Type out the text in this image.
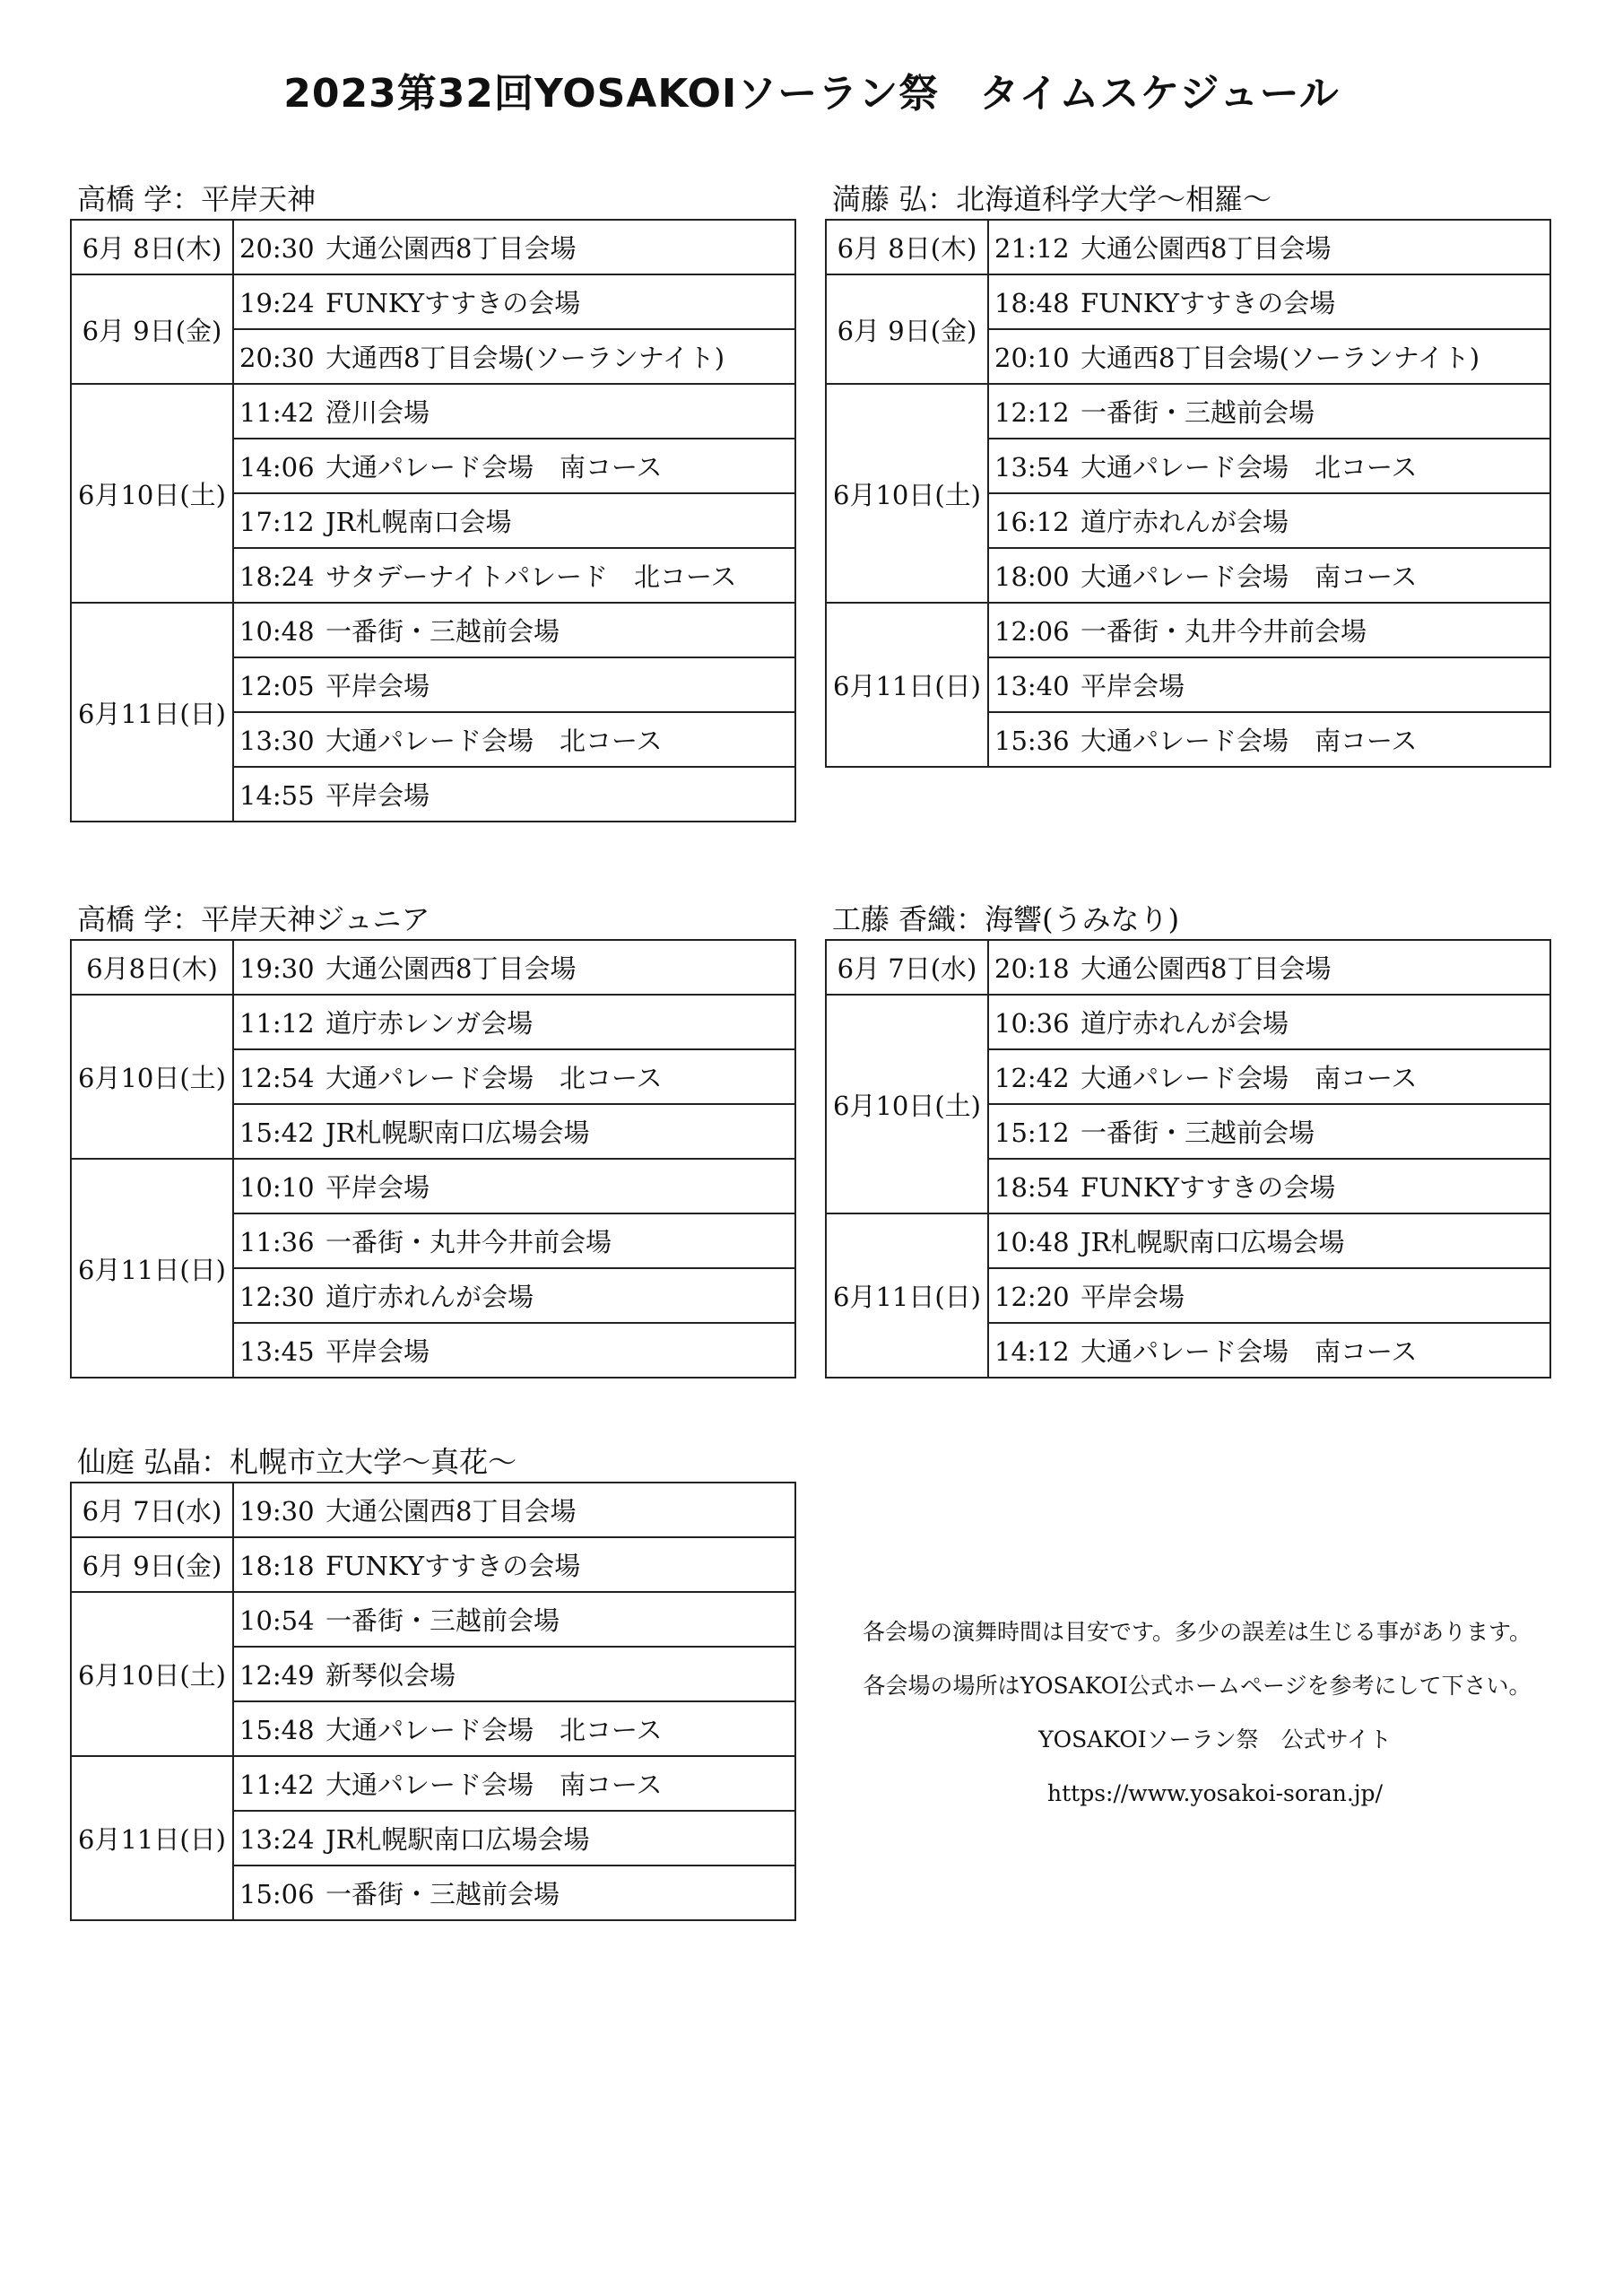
2023第32回YOSAKOIソーラン祭　タイムスケジュール
高橋 学：平岸天神
6月 8日(木)	20:30 大通公園西8丁目会場
6月 9日(金)	19:24 FUNKYすすきの会場
	20:30 大通西8丁目会場(ソーランナイト)
6月10日(土)	11:42 澄川会場
	14:06 大通パレード会場　南コース
	17:12 JR札幌南口会場
	18:24 サタデーナイトパレード　北コース
6月11日(日)	10:48 一番街・三越前会場
	12:05 平岸会場
	13:30 大通パレード会場　北コース
	14:55 平岸会場
満藤 弘：北海道科学大学～相羅～
6月 8日(木)	21:12 大通公園西8丁目会場
6月 9日(金)	18:48 FUNKYすすきの会場
	20:10 大通西8丁目会場(ソーランナイト)
6月10日(土)	12:12 一番街・三越前会場
	13:54 大通パレード会場　北コース
	16:12 道庁赤れんが会場
	18:00 大通パレード会場　南コース
6月11日(日)	12:06 一番街・丸井今井前会場
	13:40 平岸会場
	15:36 大通パレード会場　南コース
高橋 学：平岸天神ジュニア
6月8日(木)	19:30 大通公園西8丁目会場
6月10日(土)	11:12 道庁赤レンガ会場
	12:54 大通パレード会場　北コース
	15:42 JR札幌駅南口広場会場
6月11日(日)	10:10 平岸会場
	11:36 一番街・丸井今井前会場
	12:30 道庁赤れんが会場
	13:45 平岸会場
工藤 香織：海響(うみなり)
6月 7日(水)	20:18 大通公園西8丁目会場
6月10日(土)	10:36 道庁赤れんが会場
	12:42 大通パレード会場　南コース
	15:12 一番街・三越前会場
	18:54 FUNKYすすきの会場
6月11日(日)	10:48 JR札幌駅南口広場会場
	12:20 平岸会場
	14:12 大通パレード会場　南コース
仙庭 弘晶：札幌市立大学～真花～
6月 7日(水)	19:30 大通公園西8丁目会場
6月 9日(金)	18:18 FUNKYすすきの会場
6月10日(土)	10:54 一番街・三越前会場
	12:49 新琴似会場
	15:48 大通パレード会場　北コース
6月11日(日)	11:42 大通パレード会場　南コース
	13:24 JR札幌駅南口広場会場
	15:06 一番街・三越前会場
各会場の演舞時間は目安です。多少の誤差は生じる事があります。
各会場の場所はYOSAKOI公式ホームページを参考にして下さい。
YOSAKOIソーラン祭　公式サイト
https://www.yosakoi-soran.jp/
